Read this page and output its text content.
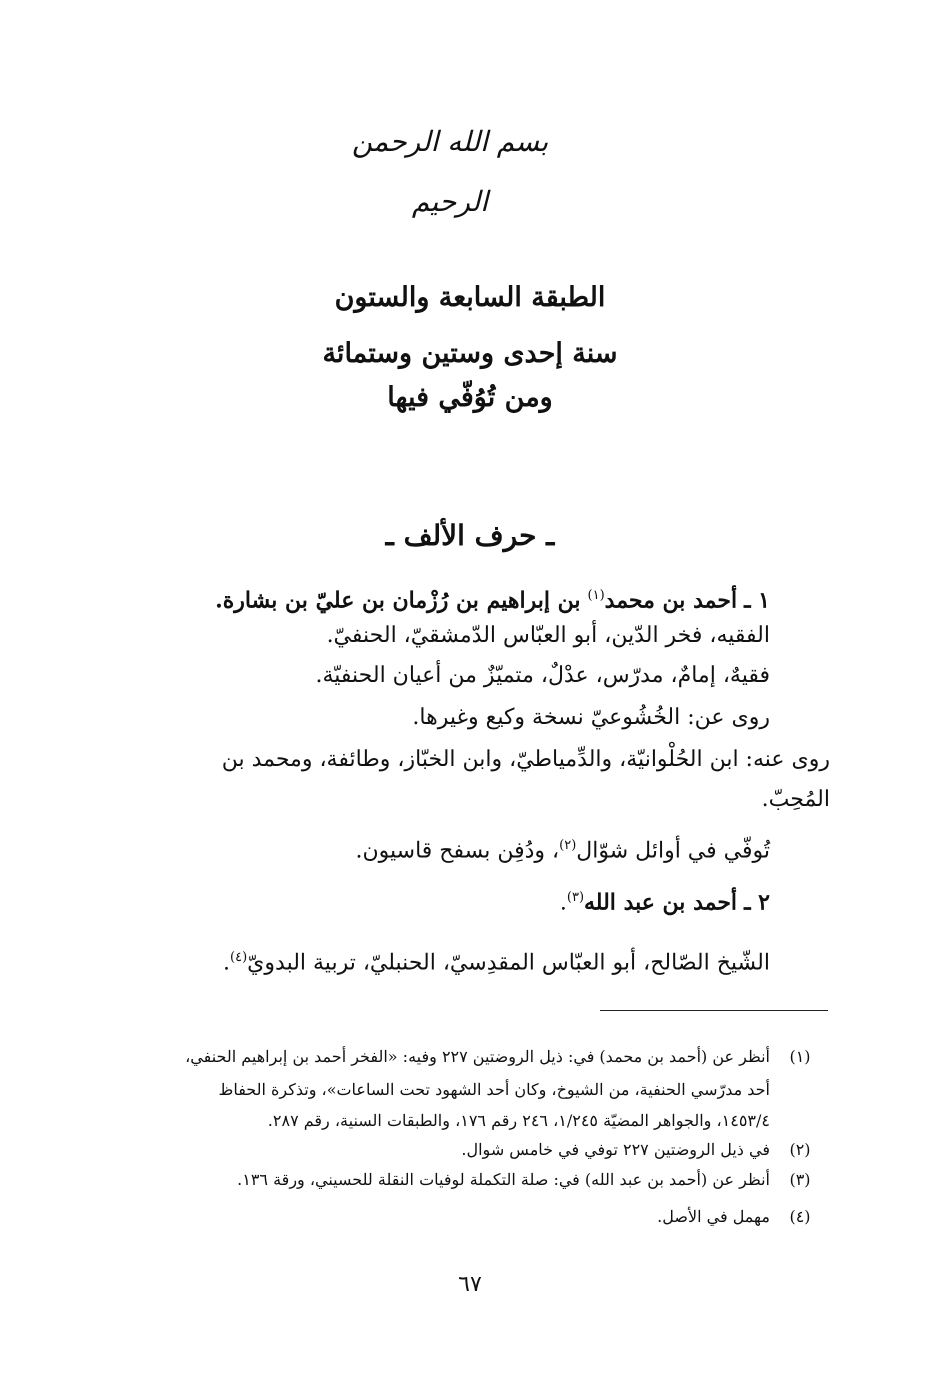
بسم الله الرحمن الرحيم
الطبقة السابعة والستون
سنة إحدى وستين وستمائة
ومن تُوُفّي فيها
ـ حرف الألف ـ
١ ـ أحمد بن محمد$^{(١)}$ بن إبراهيم بن رُزْمان بن عليّ بن بشارة.
الفقيه، فخر الدّين، أبو العبّاس الدّمشقيّ، الحنفيّ.
فقيهٌ، إمامٌ، مدرّس، عدْلٌ، متميّزٌ من أعيان الحنفيّة.
روى عن: الخُشُوعيّ نسخة وكيع وغيرها.
روى عنه: ابن الحُلْوانيّة، والدِّمياطيّ، وابن الخبّاز، وطائفة، ومحمد بن
المُحِبّ.
تُوفّي في أوائل شوّال$^{(٢)}$، ودُفِن بسفح قاسيون.
٢ ـ أحمد بن عبد الله$^{(٣)}$.
الشّيخ الصّالح، أبو العبّاس المقدِسيّ، الحنبليّ، تربية البدويّ$^{(٤)}$.
(١)
أنظر عن (أحمد بن محمد) في: ذيل الروضتين ٢٢٧ وفيه: «الفخر أحمد بن إبراهيم الحنفي،
أحد مدرّسي الحنفية، من الشيوخ، وكان أحد الشهود تحت الساعات»، وتذكرة الحفاظ
١٤٥٣/٤، والجواهر المضيّة ١/٢٤٥، ٢٤٦ رقم ١٧٦، والطبقات السنية، رقم ٢٨٧.
(٢)
في ذيل الروضتين ٢٢٧ توفي في خامس شوال.
(٣)
أنظر عن (أحمد بن عبد الله) في: صلة التكملة لوفيات النقلة للحسيني، ورقة ١٣٦.
(٤)
مهمل في الأصل.
٦٧
